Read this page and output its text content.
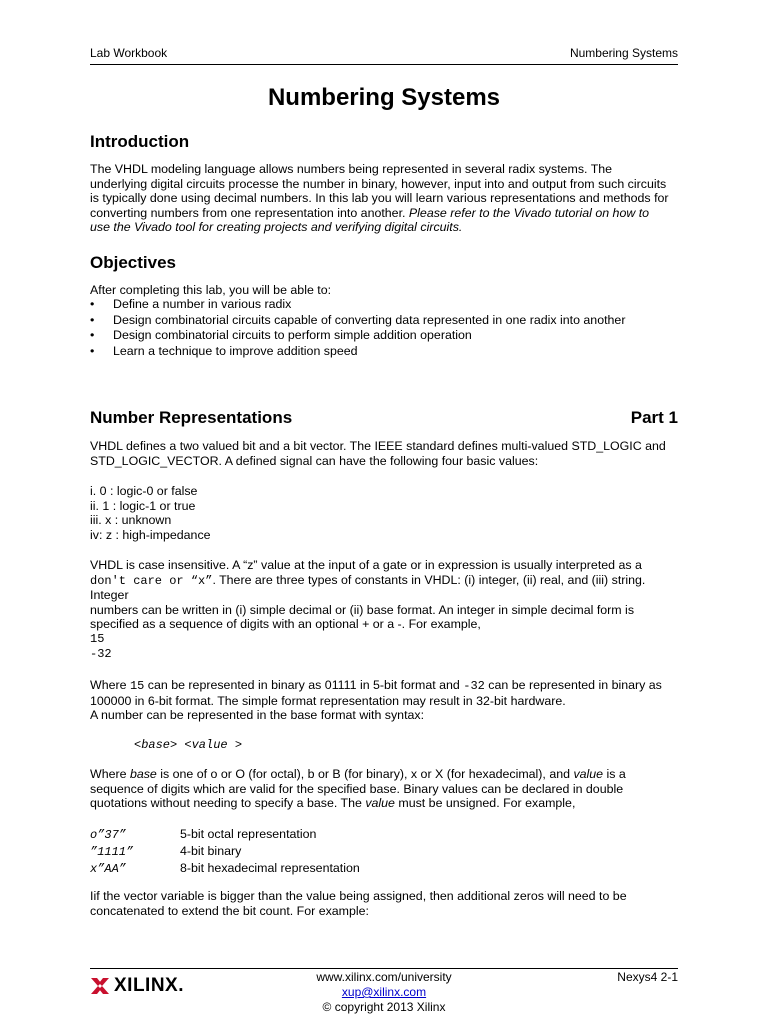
Lab Workbook	Numbering Systems
Numbering Systems
Introduction
The VHDL modeling language allows numbers being represented in several radix systems. The
underlying digital circuits processe the number in binary, however, input into and output from such circuits
is typically done using decimal numbers. In this lab you will learn various representations and methods for
converting numbers from one representation into another. Please refer to the Vivado tutorial on how to
use the Vivado tool for creating projects and verifying digital circuits.
Objectives
After completing this lab, you will be able to:
• Define a number in various radix
• Design combinatorial circuits capable of converting data represented in one radix into another
• Design combinatorial circuits to perform simple addition operation
• Learn a technique to improve addition speed
Number Representations	Part 1
VHDL defines a two valued bit and a bit vector. The IEEE standard defines multi-valued STD_LOGIC and
STD_LOGIC_VECTOR. A defined signal can have the following four basic values:
i. 0 : logic-0 or false
ii. 1 : logic-1 or true
iii. x : unknown
iv: z : high-impedance
VHDL is case insensitive. A “z” value at the input of a gate or in expression is usually interpreted as a
don't care or “x”. There are three types of constants in VHDL: (i) integer, (ii) real, and (iii) string. Integer
numbers can be written in (i) simple decimal or (ii) base format. An integer in simple decimal form is
specified as a sequence of digits with an optional + or a -. For example,
15
-32
Where 15 can be represented in binary as 01111 in 5-bit format and -32 can be represented in binary as
100000 in 6-bit format. The simple format representation may result in 32-bit hardware.
A number can be represented in the base format with syntax:
<base> <value >
Where base is one of o or O (for octal), b or B (for binary), x or X (for hexadecimal), and value is a
sequence of digits which are valid for the specified base. Binary values can be declared in double
quotations without needing to specify a base. The value must be unsigned. For example,
o”37”	5-bit octal representation
”1111”	4-bit binary
x”AA”	8-bit hexadecimal representation
Iif the vector variable is bigger than the value being assigned, then additional zeros will need to be
concatenated to extend the bit count. For example:
XILINX.	www.xilinx.com/university
xup@xilinx.com
© copyright 2013 Xilinx
Nexys4 2-1
